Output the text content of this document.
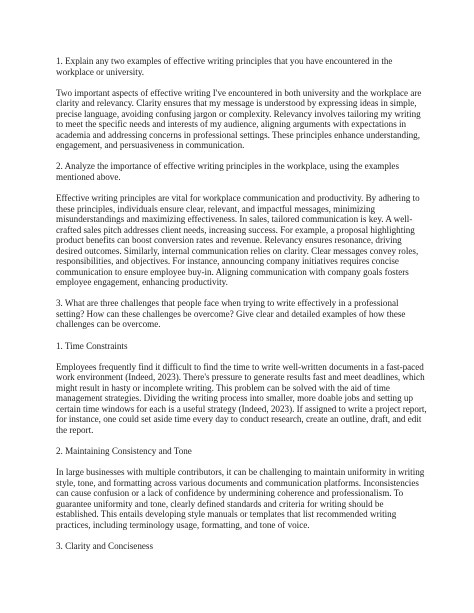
1. Explain any two examples of effective writing principles that you have encountered in the workplace or university.

Two important aspects of effective writing I've encountered in both university and the workplace are clarity and relevancy. Clarity ensures that my message is understood by expressing ideas in simple, precise language, avoiding confusing jargon or complexity. Relevancy involves tailoring my writing to meet the specific needs and interests of my audience, aligning arguments with expectations in academia and addressing concerns in professional settings. These principles enhance understanding, engagement, and persuasiveness in communication.

2. Analyze the importance of effective writing principles in the workplace, using the examples mentioned above.

Effective writing principles are vital for workplace communication and productivity. By adhering to these principles, individuals ensure clear, relevant, and impactful messages, minimizing misunderstandings and maximizing effectiveness. In sales, tailored communication is key. A well-crafted sales pitch addresses client needs, increasing success. For example, a proposal highlighting product benefits can boost conversion rates and revenue. Relevancy ensures resonance, driving desired outcomes. Similarly, internal communication relies on clarity. Clear messages convey roles, responsibilities, and objectives. For instance, announcing company initiatives requires concise communication to ensure employee buy-in. Aligning communication with company goals fosters employee engagement, enhancing productivity.

3. What are three challenges that people face when trying to write effectively in a professional setting? How can these challenges be overcome? Give clear and detailed examples of how these challenges can be overcome.

1. Time Constraints

Employees frequently find it difficult to find the time to write well-written documents in a fast-paced work environment (Indeed, 2023). There's pressure to generate results fast and meet deadlines, which might result in hasty or incomplete writing. This problem can be solved with the aid of time management strategies. Dividing the writing process into smaller, more doable jobs and setting up certain time windows for each is a useful strategy (Indeed, 2023). If assigned to write a project report, for instance, one could set aside time every day to conduct research, create an outline, draft, and edit the report.

2. Maintaining Consistency and Tone

In large businesses with multiple contributors, it can be challenging to maintain uniformity in writing style, tone, and formatting across various documents and communication platforms. Inconsistencies can cause confusion or a lack of confidence by undermining coherence and professionalism. To guarantee uniformity and tone, clearly defined standards and criteria for writing should be established. This entails developing style manuals or templates that list recommended writing practices, including terminology usage, formatting, and tone of voice.

3. Clarity and Conciseness
